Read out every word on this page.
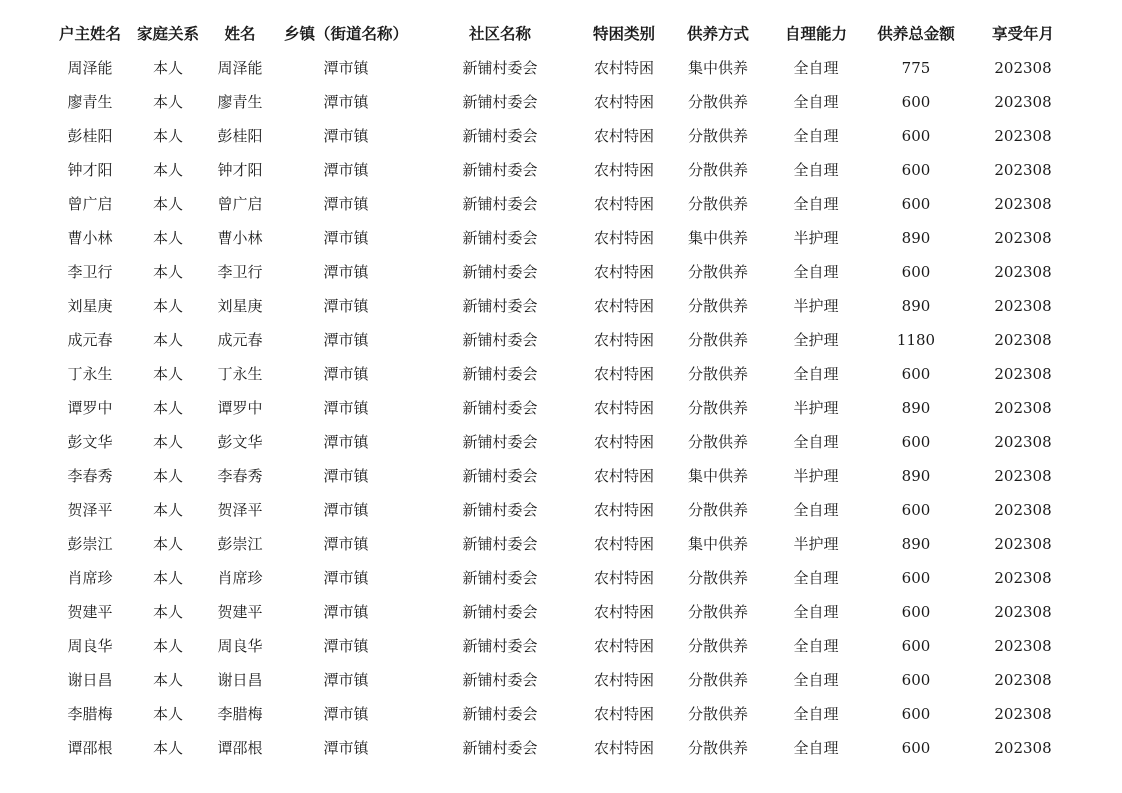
户主姓名	家庭关系	姓名	乡镇（街道名称）	社区名称	特困类别	供养方式	自理能力	供养总金额	享受年月
周泽能	本人	周泽能	潭市镇	新铺村委会	农村特困	集中供养	全自理	775	202308
廖青生	本人	廖青生	潭市镇	新铺村委会	农村特困	分散供养	全自理	600	202308
彭桂阳	本人	彭桂阳	潭市镇	新铺村委会	农村特困	分散供养	全自理	600	202308
钟才阳	本人	钟才阳	潭市镇	新铺村委会	农村特困	分散供养	全自理	600	202308
曾广启	本人	曾广启	潭市镇	新铺村委会	农村特困	分散供养	全自理	600	202308
曹小林	本人	曹小林	潭市镇	新铺村委会	农村特困	集中供养	半护理	890	202308
李卫行	本人	李卫行	潭市镇	新铺村委会	农村特困	分散供养	全自理	600	202308
刘星庚	本人	刘星庚	潭市镇	新铺村委会	农村特困	分散供养	半护理	890	202308
成元春	本人	成元春	潭市镇	新铺村委会	农村特困	分散供养	全护理	1180	202308
丁永生	本人	丁永生	潭市镇	新铺村委会	农村特困	分散供养	全自理	600	202308
谭罗中	本人	谭罗中	潭市镇	新铺村委会	农村特困	分散供养	半护理	890	202308
彭文华	本人	彭文华	潭市镇	新铺村委会	农村特困	分散供养	全自理	600	202308
李春秀	本人	李春秀	潭市镇	新铺村委会	农村特困	集中供养	半护理	890	202308
贺泽平	本人	贺泽平	潭市镇	新铺村委会	农村特困	分散供养	全自理	600	202308
彭崇江	本人	彭崇江	潭市镇	新铺村委会	农村特困	集中供养	半护理	890	202308
肖席珍	本人	肖席珍	潭市镇	新铺村委会	农村特困	分散供养	全自理	600	202308
贺建平	本人	贺建平	潭市镇	新铺村委会	农村特困	分散供养	全自理	600	202308
周良华	本人	周良华	潭市镇	新铺村委会	农村特困	分散供养	全自理	600	202308
谢日昌	本人	谢日昌	潭市镇	新铺村委会	农村特困	分散供养	全自理	600	202308
李腊梅	本人	李腊梅	潭市镇	新铺村委会	农村特困	分散供养	全自理	600	202308
谭邵根	本人	谭邵根	潭市镇	新铺村委会	农村特困	分散供养	全自理	600	202308
